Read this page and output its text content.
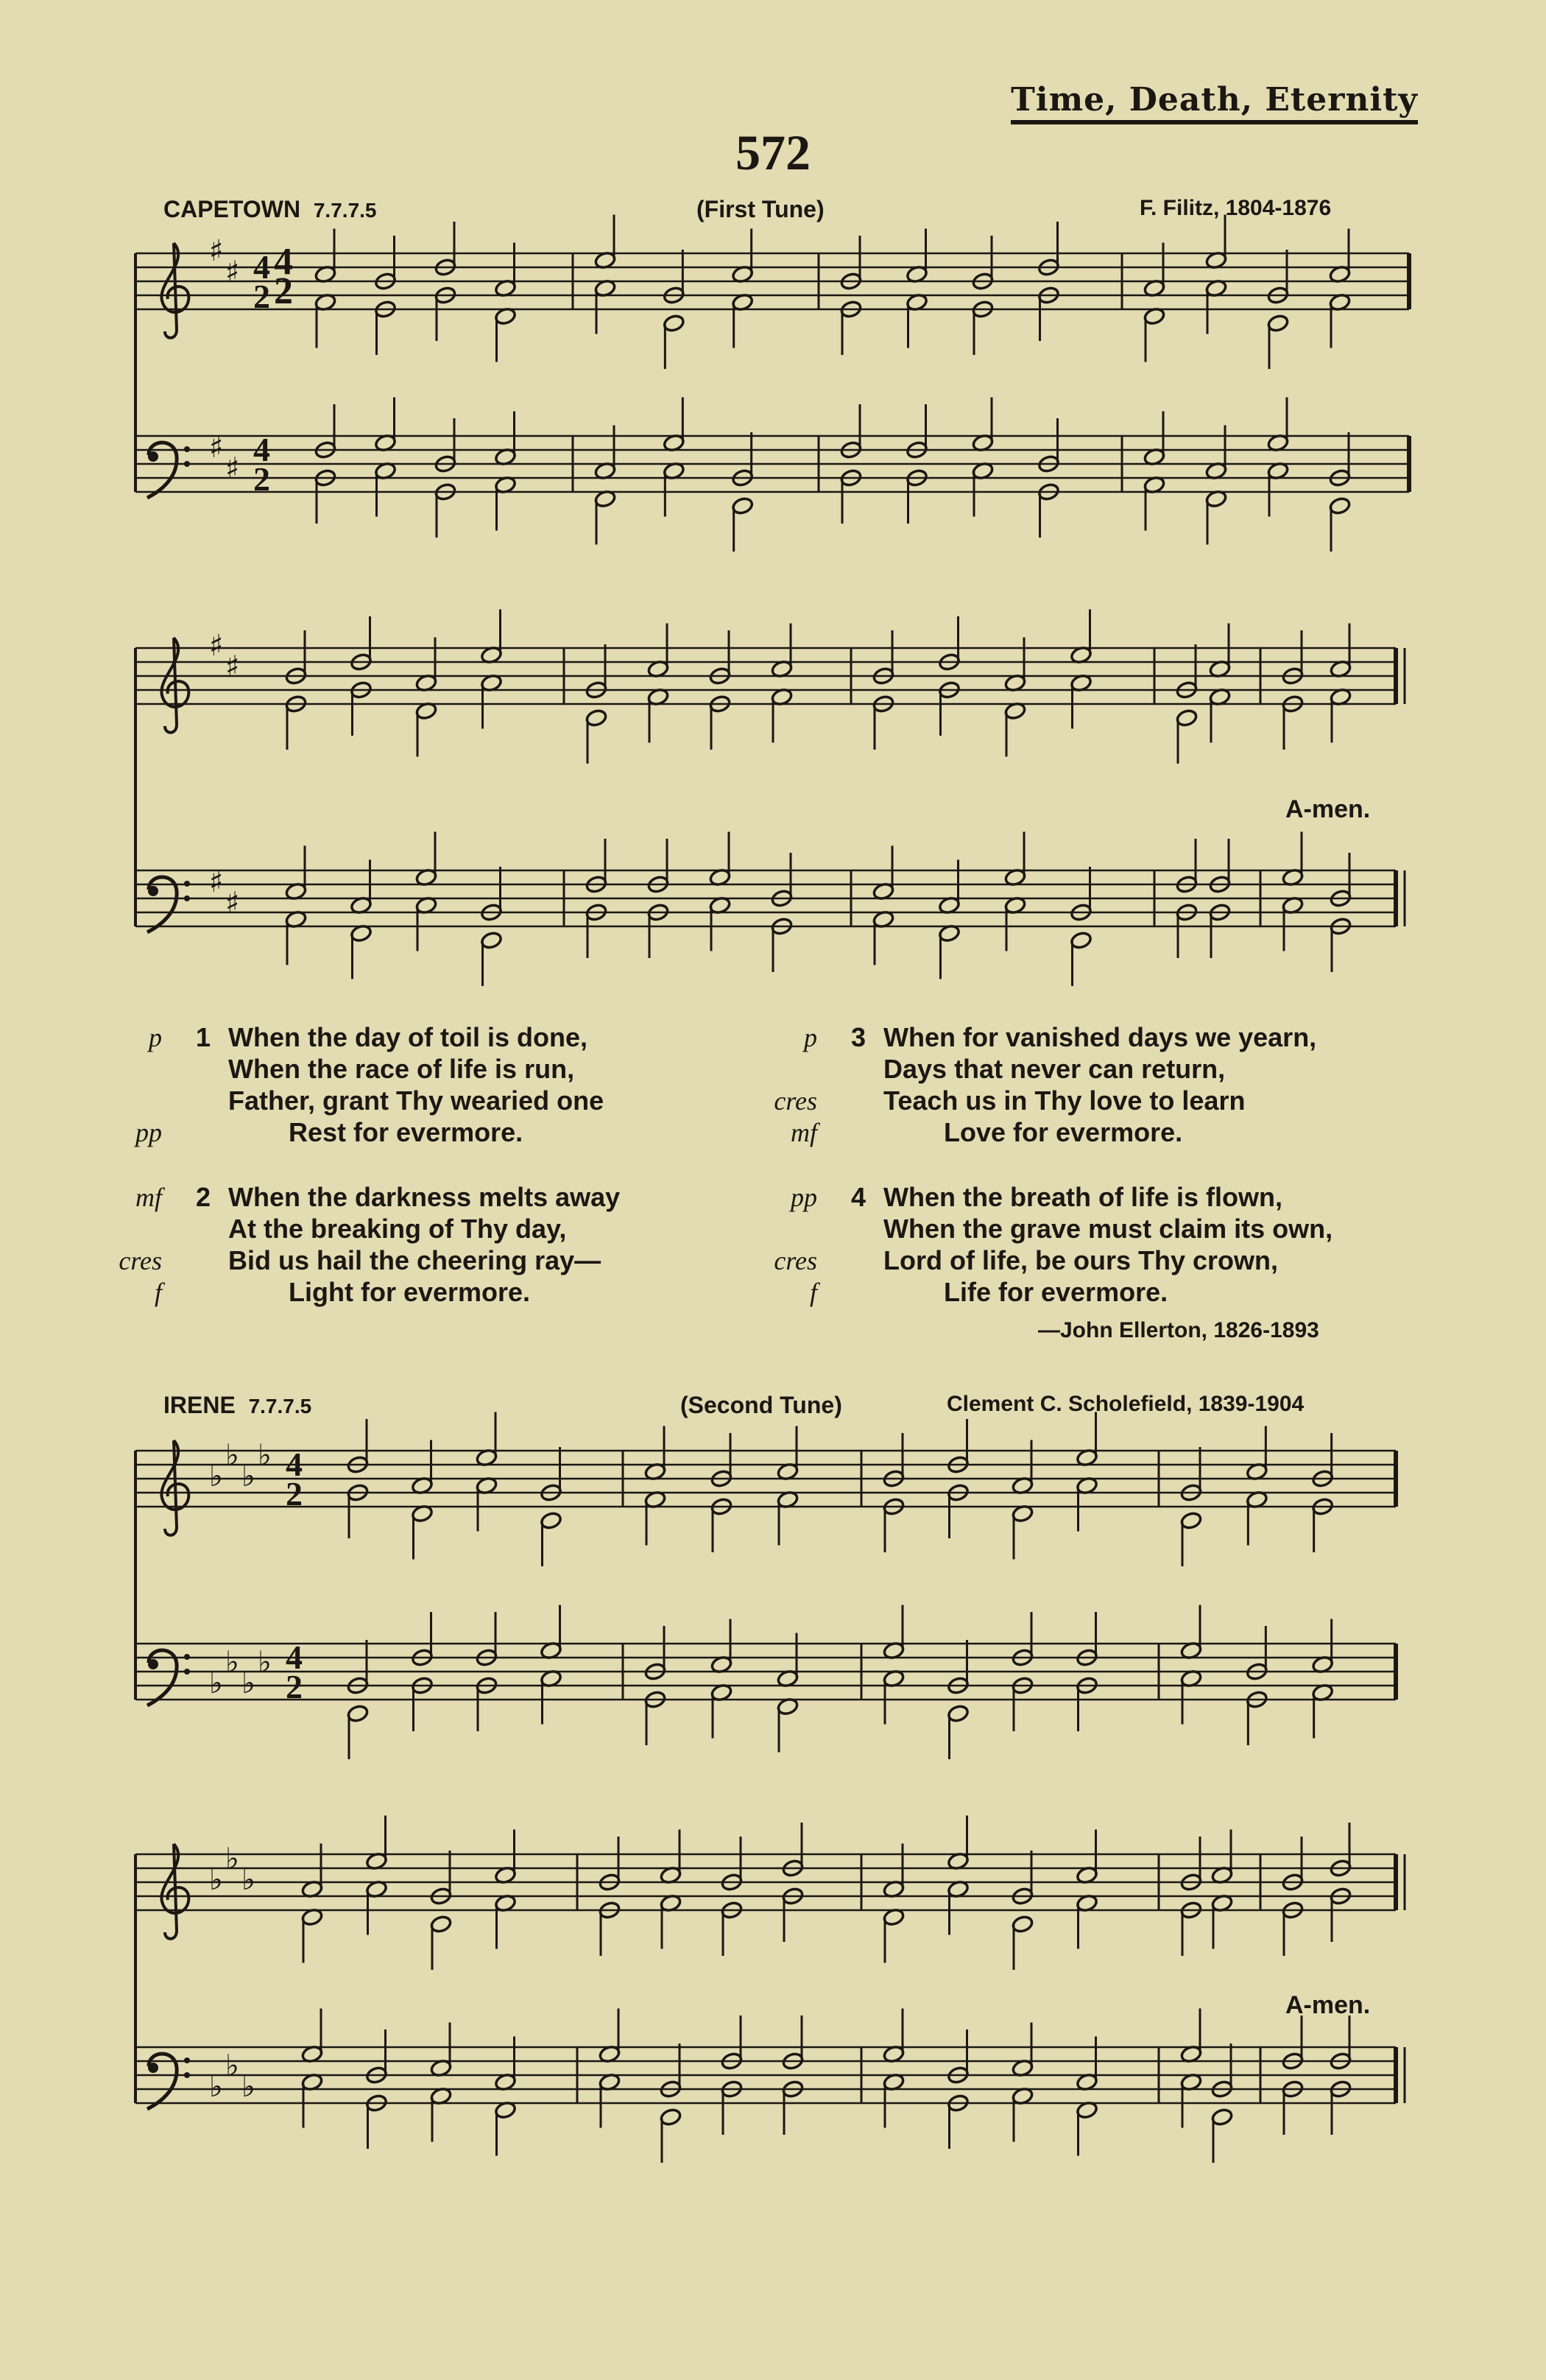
Time, Death, Eternity
572
CAPETOWN 7.7.7.5	(First Tune)	F. Filitz, 1804-1876
IRENE 7.7.7.5	(Second Tune)	Clement C. Scholefield, 1839-1904
♯
♯
♯
♯
4
2
4
2
♯
♯
♯
♯
♭
♭
♭
♭
♭
♭
♭
♭
4
2
4
2
♭
♭
♭
♭
♭
♭
4
2
A-men.
A-men.
1
p	When the day of toil is done,
When the race of life is run,
Father, grant Thy wearied one
pp	Rest for evermore.
2
mf	When the darkness melts away
At the breaking of Thy day,
cres	Bid us hail the cheering ray—
f	Light for evermore.
3
p	When for vanished days we yearn,
Days that never can return,
cres	Teach us in Thy love to learn
mf	Love for evermore.
4
pp	When the breath of life is flown,
When the grave must claim its own,
cres	Lord of life, be ours Thy crown,
f	Life for evermore.
—John Ellerton, 1826-1893
